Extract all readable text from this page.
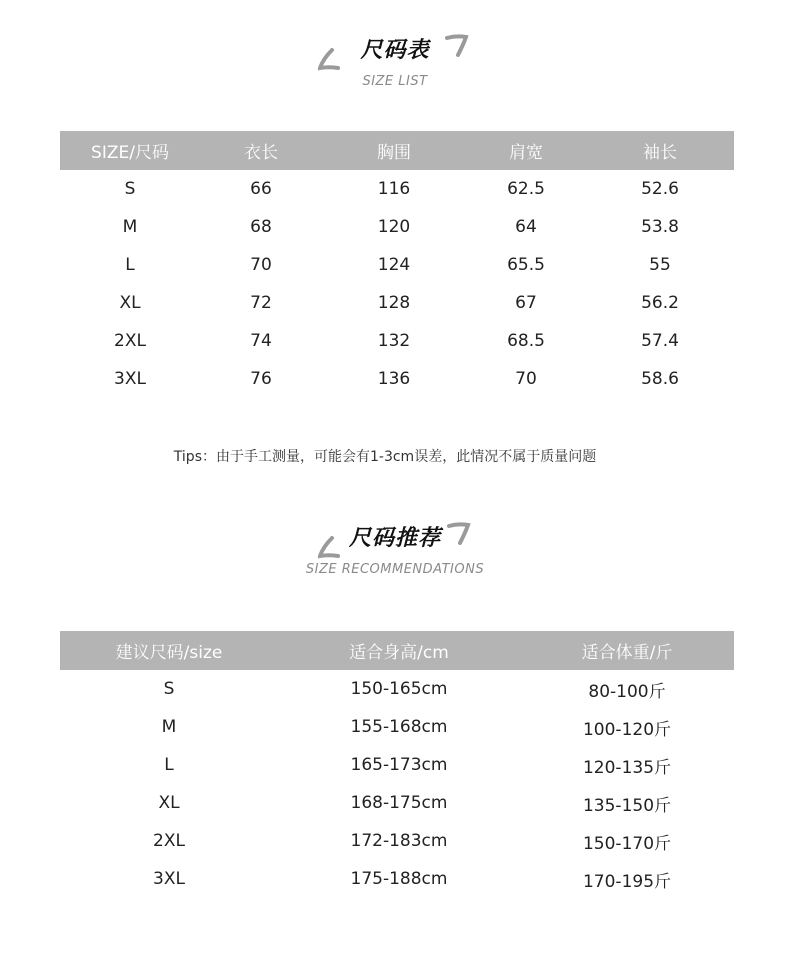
尺码表
SIZE LIST
SIZE/尺码	衣长	胸围	肩宽	袖长
S	66	116	62.5	52.6
M	68	120	64	53.8
L	70	124	65.5	55
XL	72	128	67	56.2
2XL	74	132	68.5	57.4
3XL	76	136	70	58.6
Tips：由于手工测量，可能会有1-3cm误差，此情况不属于质量问题
尺码推荐
SIZE RECOMMENDATIONS
建议尺码/size	适合身高/cm	适合体重/斤
S	150-165cm	80-100斤
M	155-168cm	100-120斤
L	165-173cm	120-135斤
XL	168-175cm	135-150斤
2XL	172-183cm	150-170斤
3XL	175-188cm	170-195斤
